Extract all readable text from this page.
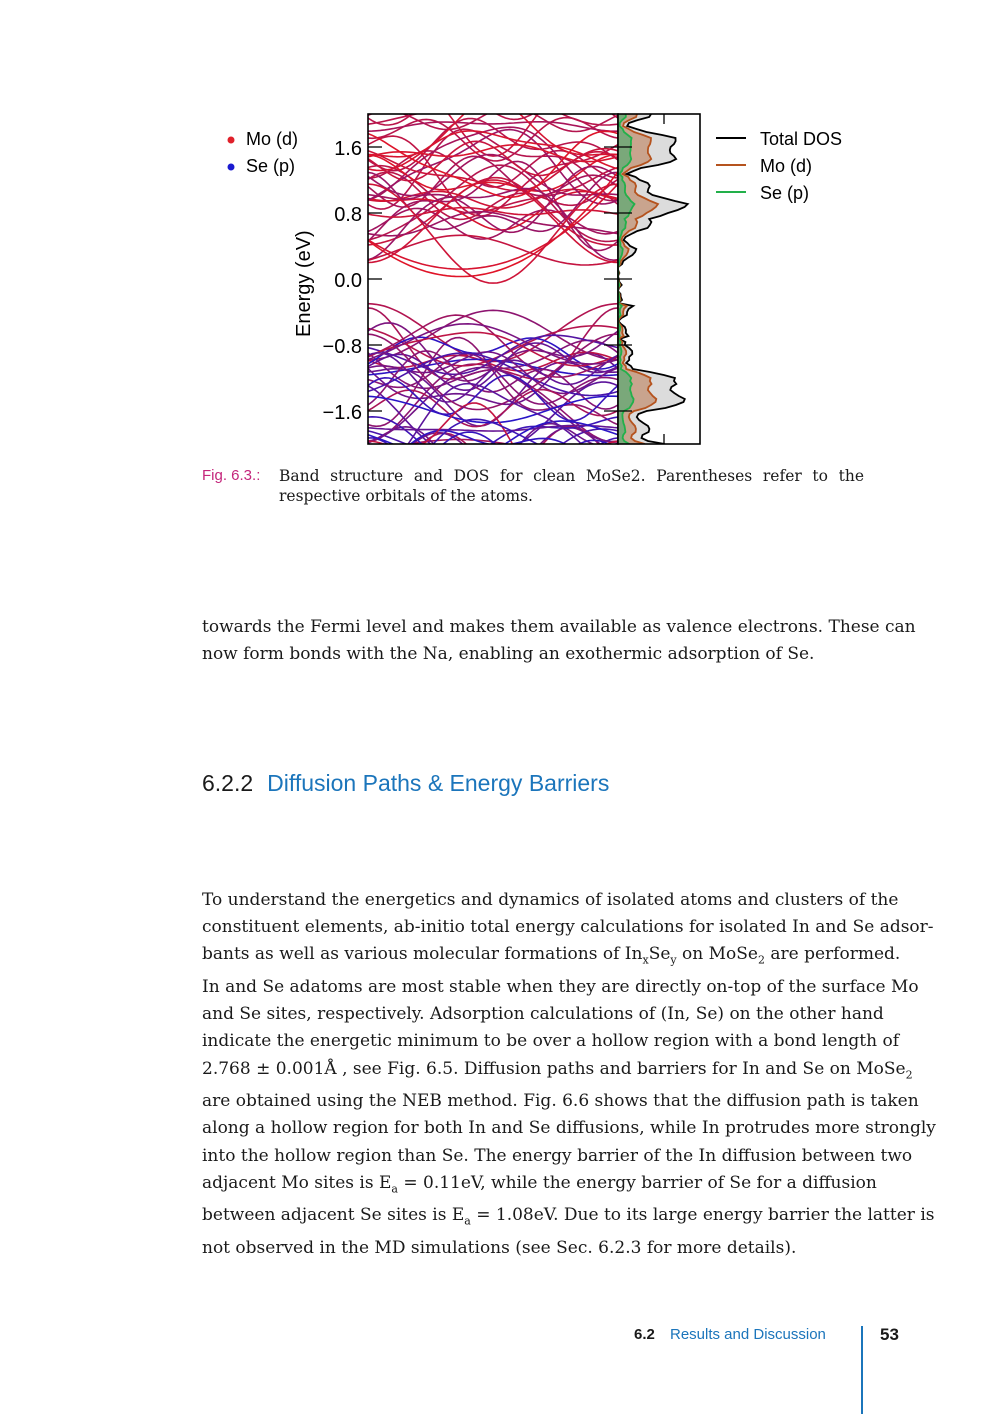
Mo (d)
Se (p)
Energy (eV)
1.6
0.8
0.0
−0.8
−1.6
Total DOS
Mo (d)
Se (p)
Fig. 6.3.: Band structure and DOS for clean MoSe2. Parentheses refer to the respective orbitals of the atoms.
towards the Fermi level and makes them available as valence electrons. These can
now form bonds with the Na, enabling an exothermic adsorption of Se.
6.2.2 Diffusion Paths & Energy Barriers
To understand the energetics and dynamics of isolated atoms and clusters of the
constituent elements, ab-initio total energy calculations for isolated In and Se adsor-
bants as well as various molecular formations of $In_xSe_y$ on MoSe$_2$ are performed.
In and Se adatoms are most stable when they are directly on-top of the surface Mo
and Se sites, respectively. Adsorption calculations of (In, Se) on the other hand
indicate the energetic minimum to be over a hollow region with a bond length of
2.768 ± 0.001Å , see Fig. 6.5. Diffusion paths and barriers for In and Se on MoSe$_2$
are obtained using the NEB method. Fig. 6.6 shows that the diffusion path is taken
along a hollow region for both In and Se diffusions, while In protrudes more strongly
into the hollow region than Se. The energy barrier of the In diffusion between two
adjacent Mo sites is $E_a = 0.11eV$, while the energy barrier of Se for a diffusion
between adjacent Se sites is $E_a = 1.08eV$. Due to its large energy barrier the latter is
not observed in the MD simulations (see Sec. 6.2.3 for more details).
6.2 Results and Discussion	53
